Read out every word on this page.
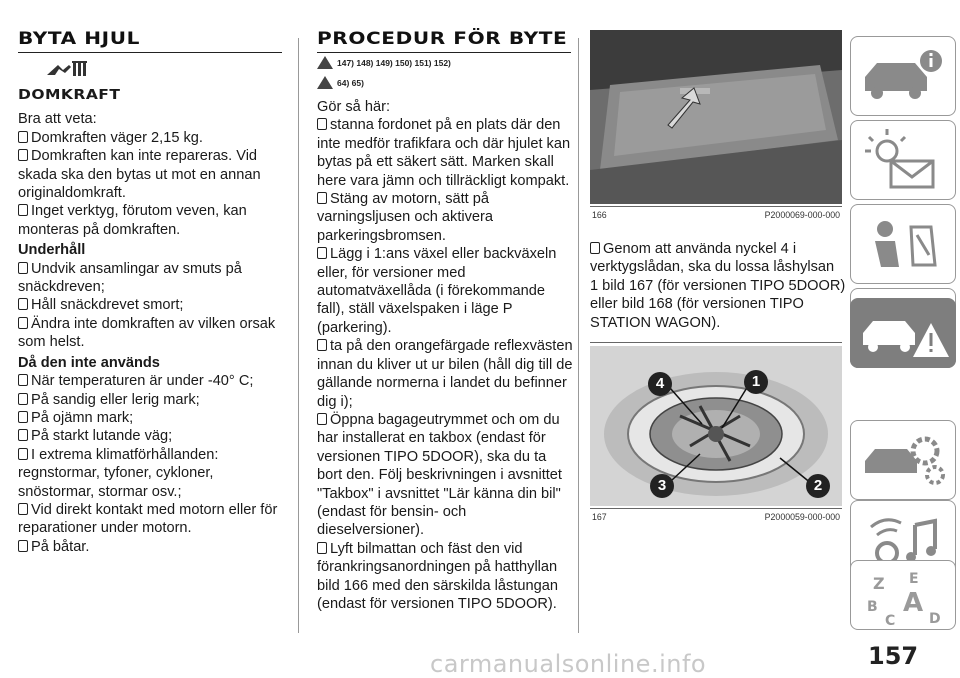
BYTA HJUL
DOMKRAFT

Bra att veta:

Domkraften väger 2,15 kg.

Domkraften kan inte repareras. Vid skada ska den bytas ut mot en annan originaldomkraft.

Inget verktyg, förutom veven, kan monteras på domkraften.

Underhåll

Undvik ansamlingar av smuts på snäckdreven;

Håll snäckdrevet smort;

Ändra inte domkraften av vilken orsak som helst.

Då den inte används

När temperaturen är under -40° C;

På sandig eller lerig mark;

På ojämn mark;

På starkt lutande väg;

I extrema klimatförhållanden: regnstormar, tyfoner, cykloner, snöstormar, stormar osv.;

Vid direkt kontakt med motorn eller för reparationer under motorn.

På båtar.

PROCEDUR FÖR BYTE
147) 148) 149) 150) 151) 152)
64) 65)

Gör så här:

stanna fordonet på en plats där den inte medför trafikfara och där hjulet kan bytas på ett säkert sätt. Marken skall here vara jämn och tillräckligt kompakt.

Stäng av motorn, sätt på varningsljusen och aktivera parkeringsbromsen.

Lägg i 1:ans växel eller backväxeln eller, för versioner med automatväxellåda (i förekommande fall), ställ växelspaken i läge P (parkering).

ta på den orangefärgade reflexvästen innan du kliver ut ur bilen (håll dig till de gällande normerna i landet du befinner dig i);

Öppna bagageutrymmet och om du har installerat en takbox (endast för versionen TIPO 5DOOR), ska du ta bort den. Följ beskrivningen i avsnittet "Takbox" i avsnittet "Lär känna din bil" (endast för bensin- och dieselversioner).

Lyft bilmattan och fäst den vid förankringsanordningen på hatthyllan bild 166 med den särskilda låstungan (endast för versionen TIPO 5DOOR).

166	P2000069-000-000

Genom att använda nyckel 4 i verktygslådan, ska du lossa låshylsan 1 bild 167 (för versionen TIPO 5DOOR) eller bild 168 (för versionen TIPO STATION WAGON).

4	1
3	2
167	P2000059-000-000
Z E
B A
C D
157
carmanualsonline.info
